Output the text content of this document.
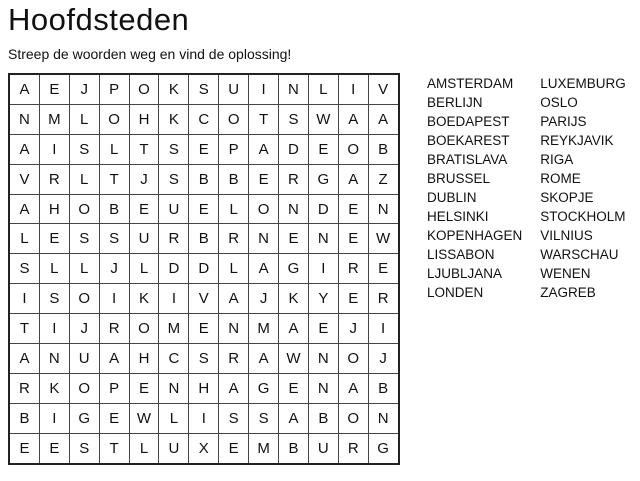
Hoofdsteden
Streep de woorden weg en vind de oplossing!
A	E	J	P	O	K	S	U	I	N	L	I	V
N	M	L	O	H	K	C	O	T	S	W	A	A
A	I	S	L	T	S	E	P	A	D	E	O	B
V	R	L	T	J	S	B	B	E	R	G	A	Z
A	H	O	B	E	U	E	L	O	N	D	E	N
L	E	S	S	U	R	B	R	N	E	N	E	W
S	L	L	J	L	D	D	L	A	G	I	R	E
I	S	O	I	K	I	V	A	J	K	Y	E	R
T	I	J	R	O	M	E	N	M	A	E	J	I
A	N	U	A	H	C	S	R	A	W	N	O	J
R	K	O	P	E	N	H	A	G	E	N	A	B
B	I	G	E	W	L	I	S	S	A	B	O	N
E	E	S	T	L	U	X	E	M	B	U	R	G
AMSTERDAM
BERLIJN
BOEDAPEST
BOEKAREST
BRATISLAVA
BRUSSEL
DUBLIN
HELSINKI
KOPENHAGEN
LISSABON
LJUBLJANA
LONDEN
LUXEMBURG
OSLO
PARIJS
REYKJAVIK
RIGA
ROME
SKOPJE
STOCKHOLM
VILNIUS
WARSCHAU
WENEN
ZAGREB
